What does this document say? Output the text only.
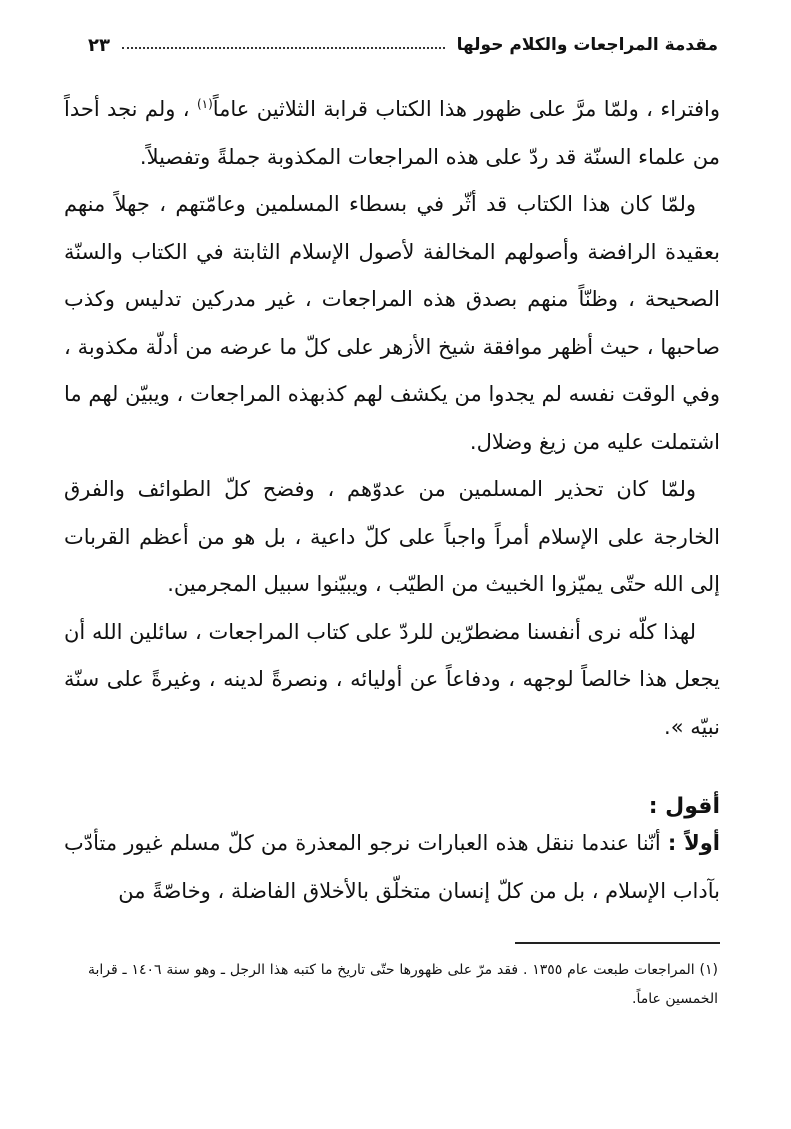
مقدمة المراجعات والكلام حولها
٢٣

وافتراء ، ولمّا مرَّ على ظهور هذا الكتاب قرابة الثلاثين عاماً$^{(١)}$ ، ولم نجد أحداً من علماء السنّة قد ردّ على هذه المراجعات المكذوبة جملةً وتفصيلاً.

ولمّا كان هذا الكتاب قد أثّر في بسطاء المسلمين وعامّتهم ، جهلاً منهم بعقيدة الرافضة وأصولهم المخالفة لأصول الإسلام الثابتة في الكتاب والسنّة الصحيحة ، وظنّاً منهم بصدق هذه المراجعات ، غير مدركين تدليس وكذب صاحبها ، حيث أظهر موافقة شيخ الأزهر على كلّ ما عرضه من أدلّة مكذوبة ، وفي الوقت نفسه لم يجدوا من يكشف لهم كذبهذه المراجعات ، ويبيّن لهم ما اشتملت عليه من زيغ وضلال.

ولمّا كان تحذير المسلمين من عدوّهم ، وفضح كلّ الطوائف والفرق الخارجة على الإسلام أمراً واجباً على كلّ داعية ، بل هو من أعظم القربات إلى الله حتّى يميّزوا الخبيث من الطيّب ، ويبيّنوا سبيل المجرمين.

لهذا كلّه نرى أنفسنا مضطرّين للردّ على كتاب المراجعات ، سائلين الله أن يجعل هذا خالصاً لوجهه ، ودفاعاً عن أوليائه ، ونصرةً لدينه ، وغيرةً على سنّة نبيّه ».

أقول :

أولاً : أنّنا عندما ننقل هذه العبارات نرجو المعذرة من كلّ مسلم غيور متأدّب بآداب الإسلام ، بل من كلّ إنسان متخلّق بالأخلاق الفاضلة ، وخاصّةً من

(١) المراجعات طبعت عام ١٣٥٥ . فقد مرّ على ظهورها حتّى تاريخ ما كتبه هذا الرجل ـ وهو سنة ١٤٠٦ ـ قرابة الخمسين عاماً.
